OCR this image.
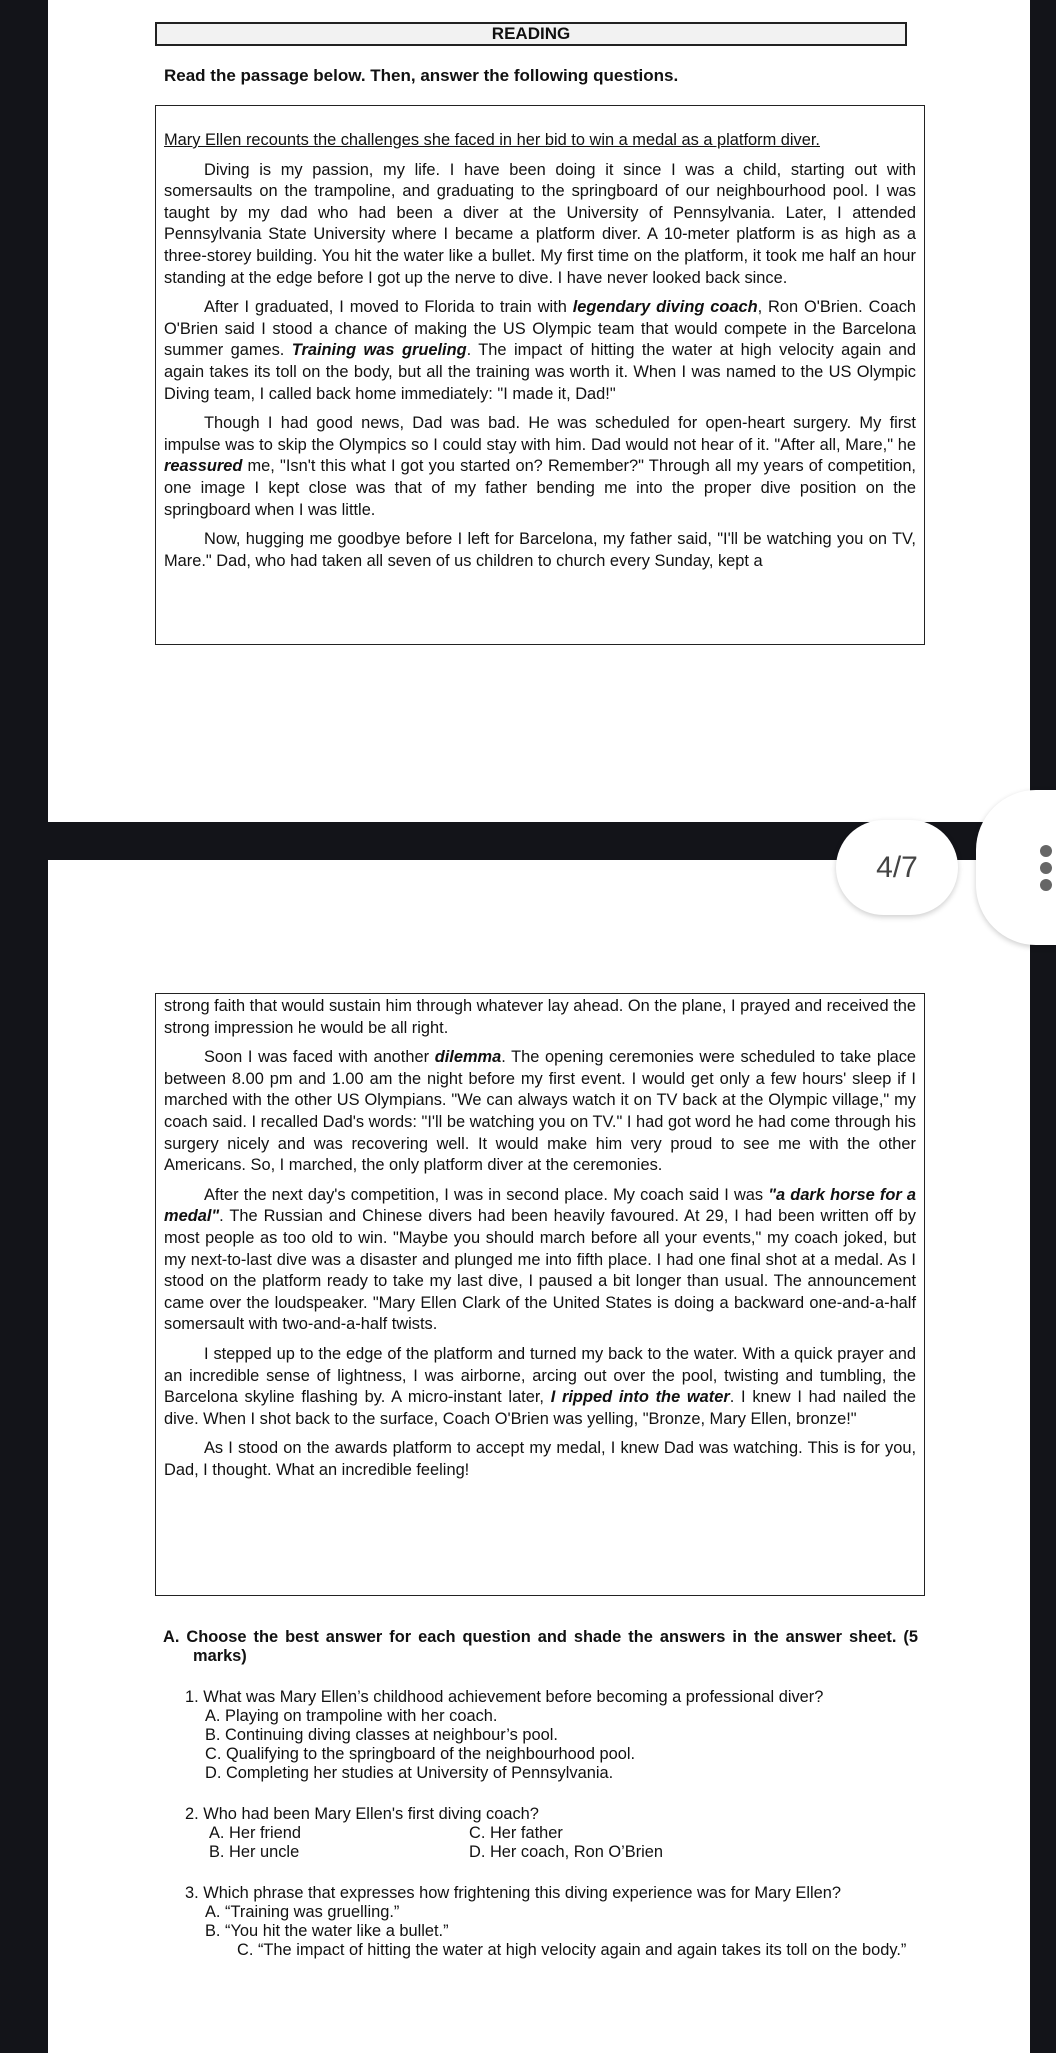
READING
Read the passage below. Then, answer the following questions.
Mary Ellen recounts the challenges she faced in her bid to win a medal as a platform diver.

Diving is my passion, my life. I have been doing it since I was a child, starting out with somersaults on the trampoline, and graduating to the springboard of our neighbourhood pool. I was taught by my dad who had been a diver at the University of Pennsylvania. Later, I attended Pennsylvania State University where I became a platform diver. A 10-meter platform is as high as a three-storey building. You hit the water like a bullet. My first time on the platform, it took me half an hour standing at the edge before I got up the nerve to dive. I have never looked back since.

After I graduated, I moved to Florida to train with legendary diving coach, Ron O'Brien. Coach O'Brien said I stood a chance of making the US Olympic team that would compete in the Barcelona summer games. Training was grueling. The impact of hitting the water at high velocity again and again takes its toll on the body, but all the training was worth it. When I was named to the US Olympic Diving team, I called back home immediately: "I made it, Dad!"

Though I had good news, Dad was bad. He was scheduled for open-heart surgery. My first impulse was to skip the Olympics so I could stay with him. Dad would not hear of it. "After all, Mare," he reassured me, "Isn't this what I got you started on? Remember?" Through all my years of competition, one image I kept close was that of my father bending me into the proper dive position on the springboard when I was little.

Now, hugging me goodbye before I left for Barcelona, my father said, "I'll be watching you on TV, Mare." Dad, who had taken all seven of us children to church every Sunday, kept a

strong faith that would sustain him through whatever lay ahead. On the plane, I prayed and received the strong impression he would be all right.

Soon I was faced with another dilemma. The opening ceremonies were scheduled to take place between 8.00 pm and 1.00 am the night before my first event. I would get only a few hours' sleep if I marched with the other US Olympians. "We can always watch it on TV back at the Olympic village," my coach said. I recalled Dad's words: "I'll be watching you on TV." I had got word he had come through his surgery nicely and was recovering well. It would make him very proud to see me with the other Americans. So, I marched, the only platform diver at the ceremonies.

After the next day's competition, I was in second place. My coach said I was "a dark horse for a medal". The Russian and Chinese divers had been heavily favoured. At 29, I had been written off by most people as too old to win. "Maybe you should march before all your events," my coach joked, but my next-to-last dive was a disaster and plunged me into fifth place. I had one final shot at a medal. As I stood on the platform ready to take my last dive, I paused a bit longer than usual. The announcement came over the loudspeaker. "Mary Ellen Clark of the United States is doing a backward one-and-a-half somersault with two-and-a-half twists.

I stepped up to the edge of the platform and turned my back to the water. With a quick prayer and an incredible sense of lightness, I was airborne, arcing out over the pool, twisting and tumbling, the Barcelona skyline flashing by. A micro-instant later, I ripped into the water. I knew I had nailed the dive. When I shot back to the surface, Coach O'Brien was yelling, "Bronze, Mary Ellen, bronze!"

As I stood on the awards platform to accept my medal, I knew Dad was watching. This is for you, Dad, I thought. What an incredible feeling!

4/7
A. Choose the best answer for each question and shade the answers in the answer sheet. (5 marks)
1. What was Mary Ellen’s childhood achievement before becoming a professional diver?
A. Playing on trampoline with her coach.
B. Continuing diving classes at neighbour’s pool.
C. Qualifying to the springboard of the neighbourhood pool.
D. Completing her studies at University of Pennsylvania.
2. Who had been Mary Ellen's first diving coach?
A. Her friend	C. Her father
B. Her uncle	D. Her coach, Ron O’Brien
3. Which phrase that expresses how frightening this diving experience was for Mary Ellen?
A. “Training was gruelling.”
B. “You hit the water like a bullet.”
C. “The impact of hitting the water at high velocity again and again takes its toll on the body.”
